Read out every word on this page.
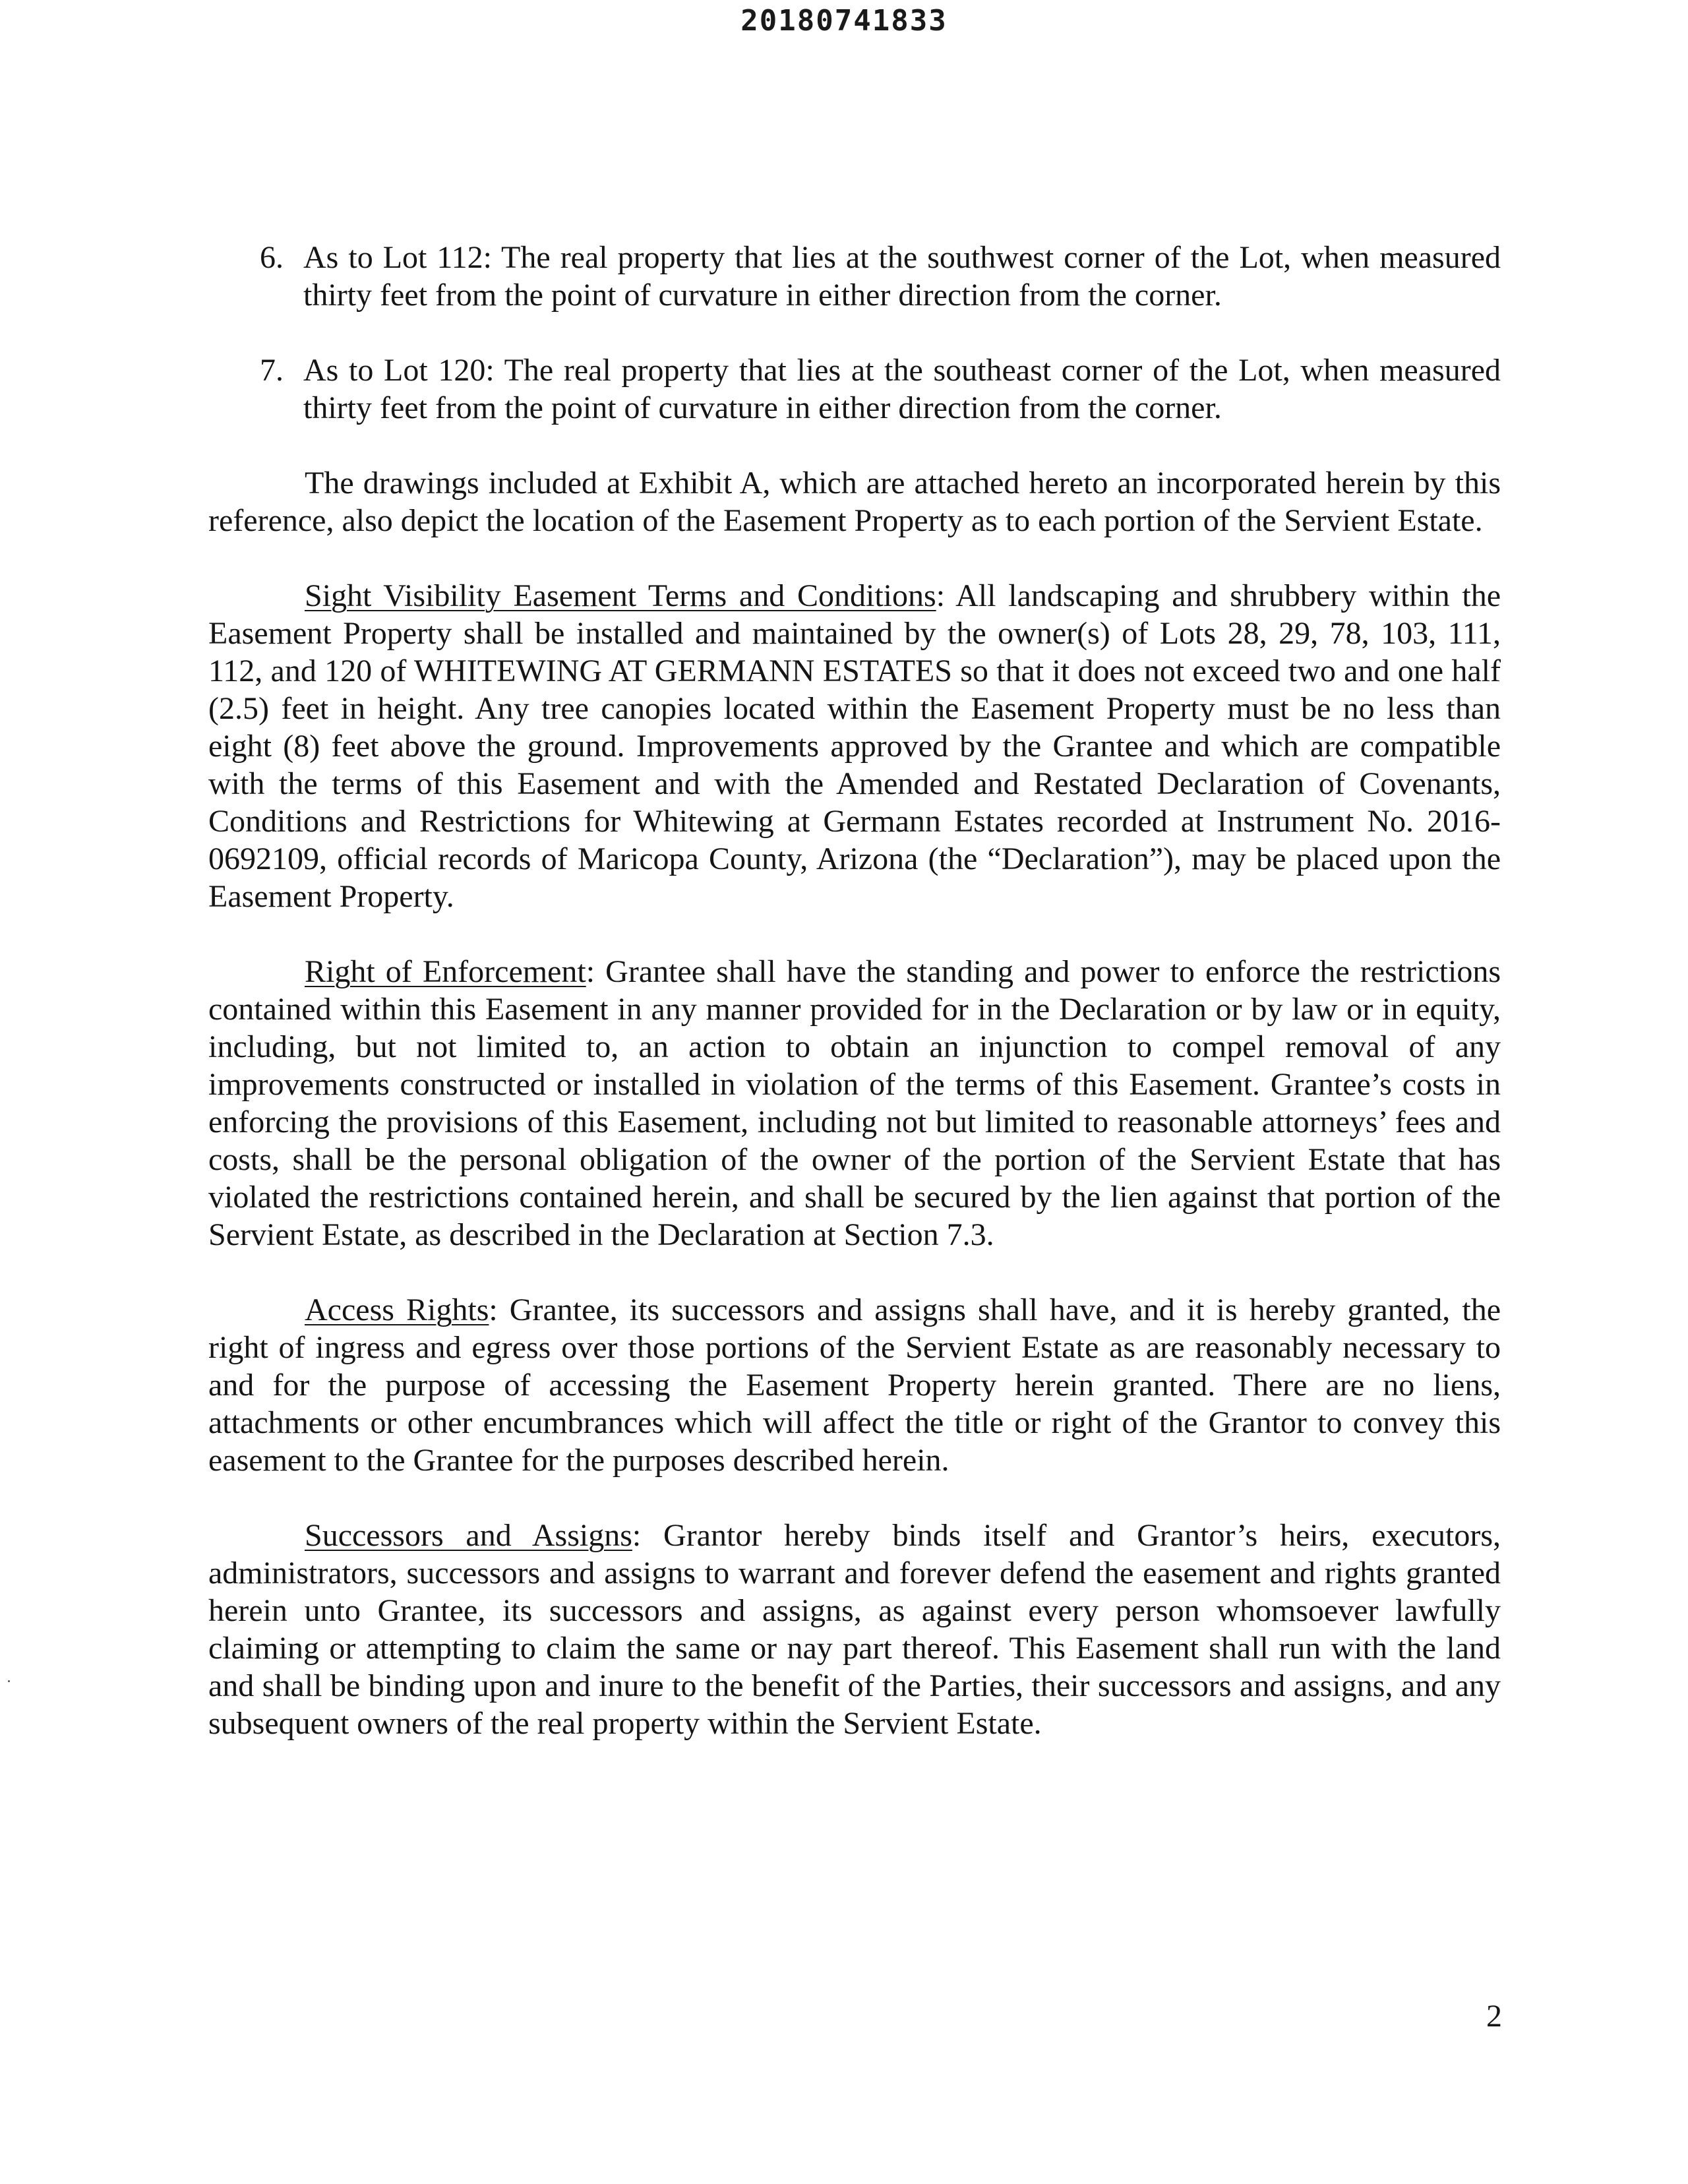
20180741833
6. As to Lot 112: The real property that lies at the southwest corner of the Lot, when measured thirty feet from the point of curvature in either direction from the corner.
7. As to Lot 120: The real property that lies at the southeast corner of the Lot, when measured thirty feet from the point of curvature in either direction from the corner.

The drawings included at Exhibit A, which are attached hereto an incorporated herein by this reference, also depict the location of the Easement Property as to each portion of the Servient Estate.

Sight Visibility Easement Terms and Conditions: All landscaping and shrubbery within the Easement Property shall be installed and maintained by the owner(s) of Lots 28, 29, 78, 103, 111, 112, and 120 of WHITEWING AT GERMANN ESTATES so that it does not exceed two and one half (2.5) feet in height. Any tree canopies located within the Easement Property must be no less than eight (8) feet above the ground. Improvements approved by the Grantee and which are compatible with the terms of this Easement and with the Amended and Restated Declaration of Covenants, Conditions and Restrictions for Whitewing at Germann Estates recorded at Instrument No. 2016-0692109, official records of Maricopa County, Arizona (the “Declaration”), may be placed upon the Easement Property.

Right of Enforcement: Grantee shall have the standing and power to enforce the restrictions contained within this Easement in any manner provided for in the Declaration or by law or in equity, including, but not limited to, an action to obtain an injunction to compel removal of any improvements constructed or installed in violation of the terms of this Easement. Grantee’s costs in enforcing the provisions of this Easement, including not but limited to reasonable attorneys’ fees and costs, shall be the personal obligation of the owner of the portion of the Servient Estate that has violated the restrictions contained herein, and shall be secured by the lien against that portion of the Servient Estate, as described in the Declaration at Section 7.3.

Access Rights: Grantee, its successors and assigns shall have, and it is hereby granted, the right of ingress and egress over those portions of the Servient Estate as are reasonably necessary to and for the purpose of accessing the Easement Property herein granted. There are no liens, attachments or other encumbrances which will affect the title or right of the Grantor to convey this easement to the Grantee for the purposes described herein.

Successors and Assigns: Grantor hereby binds itself and Grantor’s heirs, executors, administrators, successors and assigns to warrant and forever defend the easement and rights granted herein unto Grantee, its successors and assigns, as against every person whomsoever lawfully claiming or attempting to claim the same or nay part thereof. This Easement shall run with the land and shall be binding upon and inure to the benefit of the Parties, their successors and assigns, and any subsequent owners of the real property within the Servient Estate.

2
